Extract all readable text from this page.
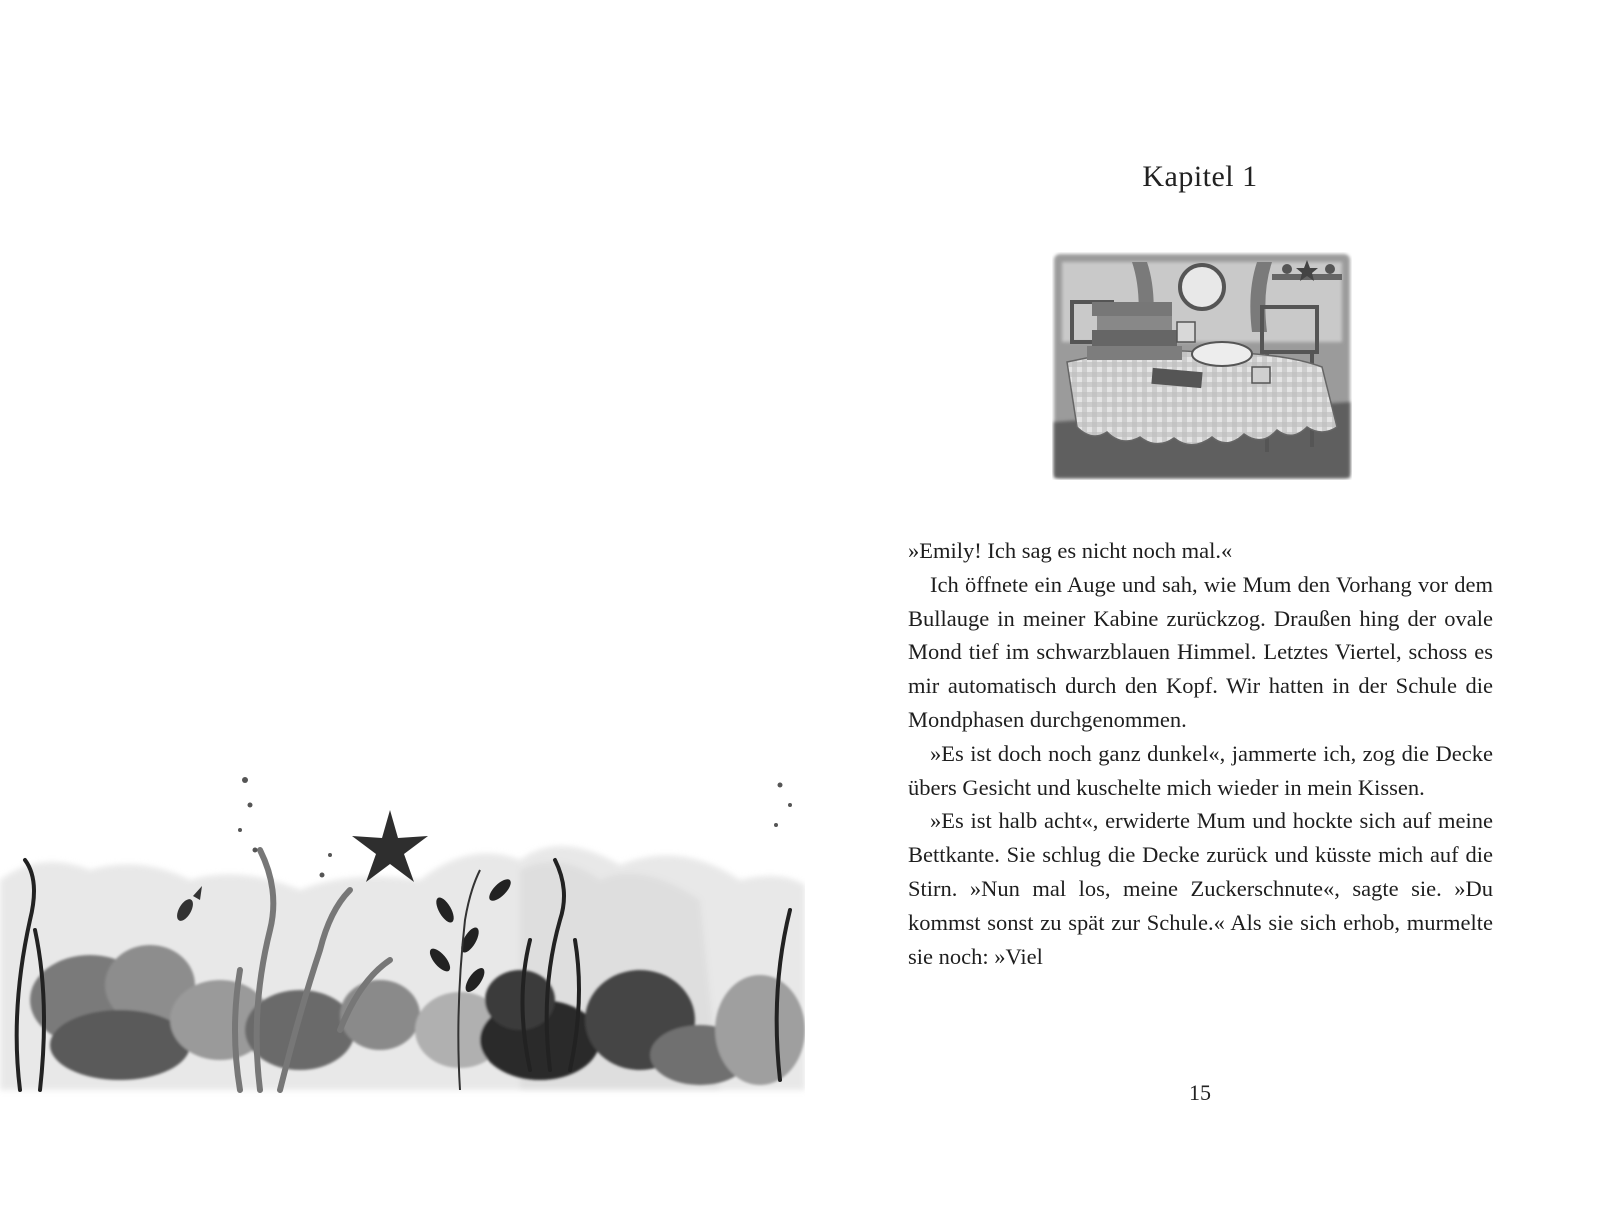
Kapitel 1

»Emily! Ich sag es nicht noch mal.«

Ich öffnete ein Auge und sah, wie Mum den Vorhang vor dem Bullauge in meiner Kabine zurückzog. Draußen hing der ovale Mond tief im schwarzblauen Himmel. Letztes Viertel, schoss es mir automatisch durch den Kopf. Wir hatten in der Schule die Mondphasen durchgenommen.

»Es ist doch noch ganz dunkel«, jammerte ich, zog die Decke übers Gesicht und kuschelte mich wieder in mein Kissen.

»Es ist halb acht«, erwiderte Mum und hockte sich auf meine Bettkante. Sie schlug die Decke zurück und küsste mich auf die Stirn. »Nun mal los, meine Zuckerschnute«, sagte sie. »Du kommst sonst zu spät zur Schule.« Als sie sich erhob, murmelte sie noch: »Viel

15
